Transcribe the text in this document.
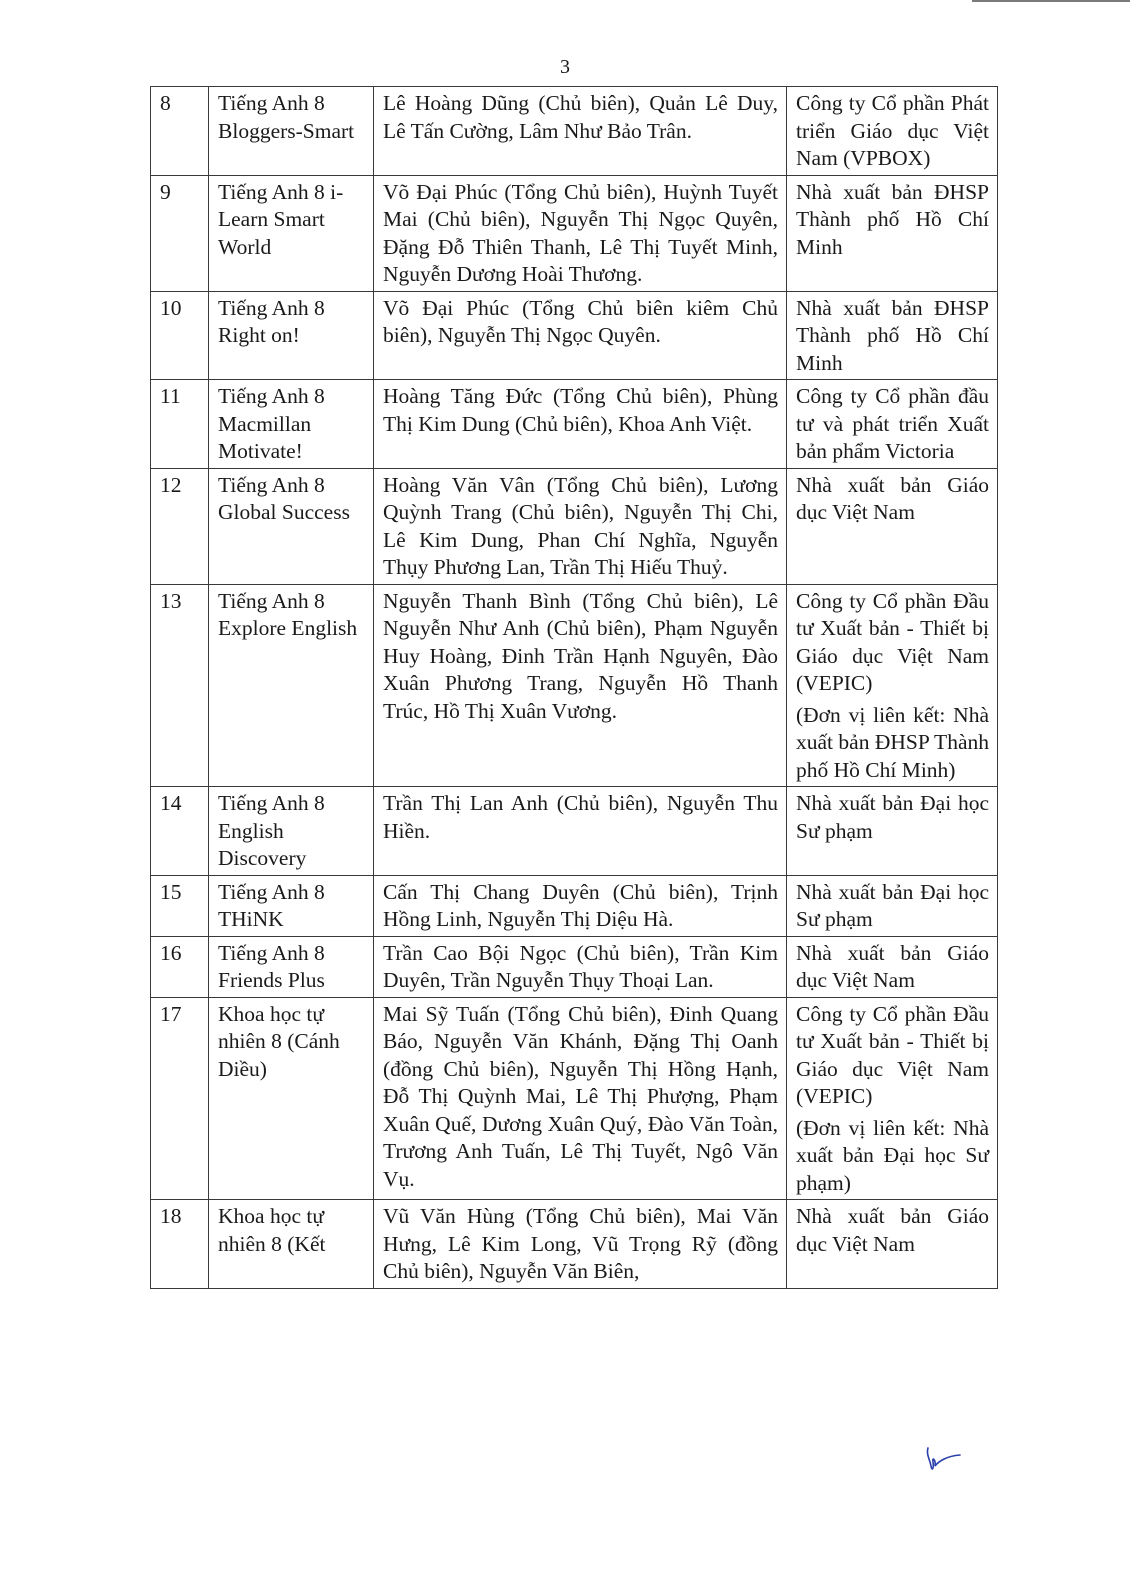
3
8	Tiếng Anh 8 Bloggers-Smart	Lê Hoàng Dũng (Chủ biên), Quản Lê Duy, Lê Tấn Cường, Lâm Như Bảo Trân.	Công ty Cổ phần Phát triển Giáo dục Việt Nam (VPBOX)

9	Tiếng Anh 8 i-Learn Smart World	Võ Đại Phúc (Tổng Chủ biên), Huỳnh Tuyết Mai (Chủ biên), Nguyễn Thị Ngọc Quyên, Đặng Đỗ Thiên Thanh, Lê Thị Tuyết Minh, Nguyễn Dương Hoài Thương.	Nhà xuất bản ĐHSP Thành phố Hồ Chí Minh

10	Tiếng Anh 8 Right on!	Võ Đại Phúc (Tổng Chủ biên kiêm Chủ biên), Nguyễn Thị Ngọc Quyên.	Nhà xuất bản ĐHSP Thành phố Hồ Chí Minh

11	Tiếng Anh 8 Macmillan Motivate!	Hoàng Tăng Đức (Tổng Chủ biên), Phùng Thị Kim Dung (Chủ biên), Khoa Anh Việt.	Công ty Cổ phần đầu tư và phát triển Xuất bản phẩm Victoria

12	Tiếng Anh 8 Global Success	Hoàng Văn Vân (Tổng Chủ biên), Lương Quỳnh Trang (Chủ biên), Nguyễn Thị Chi, Lê Kim Dung, Phan Chí Nghĩa, Nguyễn Thụy Phương Lan, Trần Thị Hiếu Thuỷ.	Nhà xuất bản Giáo dục Việt Nam

13	Tiếng Anh 8 Explore English	Nguyễn Thanh Bình (Tổng Chủ biên), Lê Nguyễn Như Anh (Chủ biên), Phạm Nguyễn Huy Hoàng, Đinh Trần Hạnh Nguyên, Đào Xuân Phương Trang, Nguyễn Hồ Thanh Trúc, Hồ Thị Xuân Vương.	Công ty Cổ phần Đầu tư Xuất bản - Thiết bị Giáo dục Việt Nam (VEPIC)
(Đơn vị liên kết: Nhà xuất bản ĐHSP Thành phố Hồ Chí Minh)

14	Tiếng Anh 8 English Discovery	Trần Thị Lan Anh (Chủ biên), Nguyễn Thu Hiền.	Nhà xuất bản Đại học Sư phạm

15	Tiếng Anh 8 THiNK	Cấn Thị Chang Duyên (Chủ biên), Trịnh Hồng Linh, Nguyễn Thị Diệu Hà.	Nhà xuất bản Đại học Sư phạm

16	Tiếng Anh 8 Friends Plus	Trần Cao Bội Ngọc (Chủ biên), Trần Kim Duyên, Trần Nguyễn Thụy Thoại Lan.	Nhà xuất bản Giáo dục Việt Nam

17	Khoa học tự nhiên 8 (Cánh Diều)	Mai Sỹ Tuấn (Tổng Chủ biên), Đinh Quang Báo, Nguyễn Văn Khánh, Đặng Thị Oanh (đồng Chủ biên), Nguyễn Thị Hồng Hạnh, Đỗ Thị Quỳnh Mai, Lê Thị Phượng, Phạm Xuân Quế, Dương Xuân Quý, Đào Văn Toàn, Trương Anh Tuấn, Lê Thị Tuyết, Ngô Văn Vụ.	Công ty Cổ phần Đầu tư Xuất bản - Thiết bị Giáo dục Việt Nam (VEPIC)
(Đơn vị liên kết: Nhà xuất bản Đại học Sư phạm)

18	Khoa học tự nhiên 8 (Kết	Vũ Văn Hùng (Tổng Chủ biên), Mai Văn Hưng, Lê Kim Long, Vũ Trọng Rỹ (đồng Chủ biên), Nguyễn Văn Biên,	Nhà xuất bản Giáo dục Việt Nam
